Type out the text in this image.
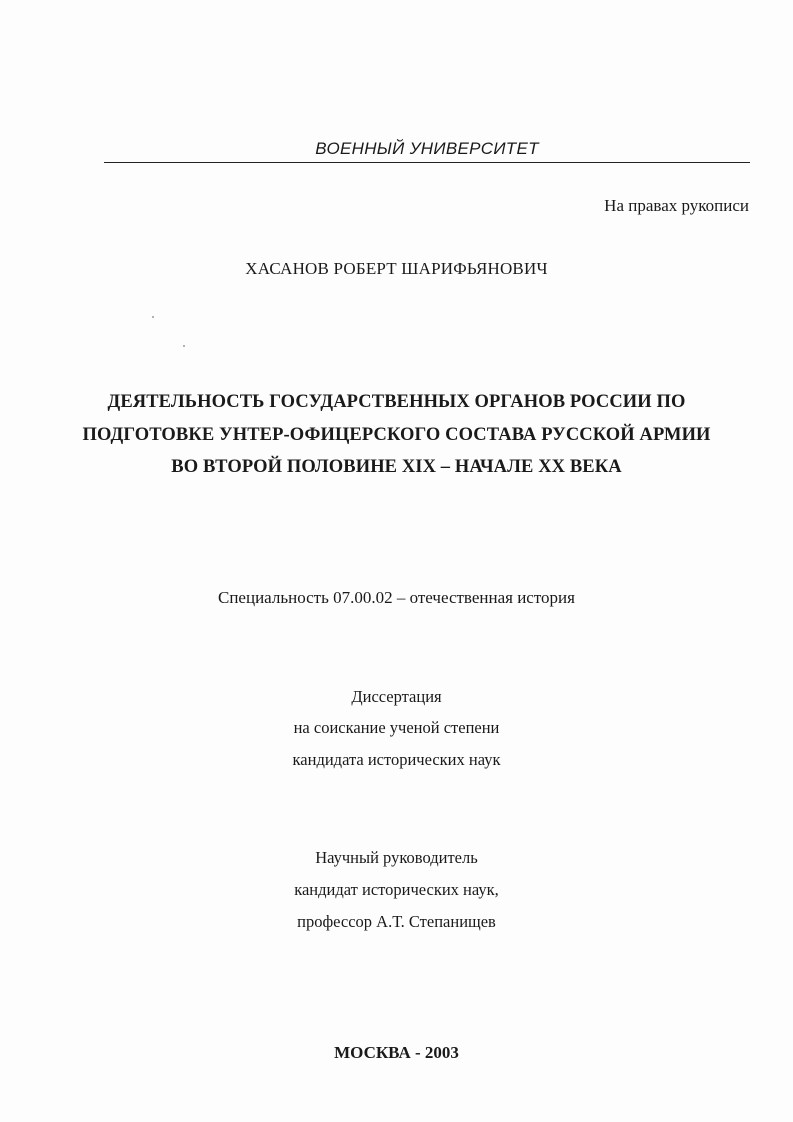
ВОЕННЫЙ УНИВЕРСИТЕТ
На правах рукописи
ХАСАНОВ РОБЕРТ ШАРИФЬЯНОВИЧ
ДЕЯТЕЛЬНОСТЬ ГОСУДАРСТВЕННЫХ ОРГАНОВ РОССИИ ПО
ПОДГОТОВКЕ УНТЕР-ОФИЦЕРСКОГО СОСТАВА РУССКОЙ АРМИИ
ВО ВТОРОЙ ПОЛОВИНЕ XIX – НАЧАЛЕ XX ВЕКА
Специальность 07.00.02 – отечественная история
Диссертация
на соискание ученой степени
кандидата исторических наук
Научный руководитель
кандидат исторических наук,
профессор А.Т. Степанищев
МОСКВА - 2003
